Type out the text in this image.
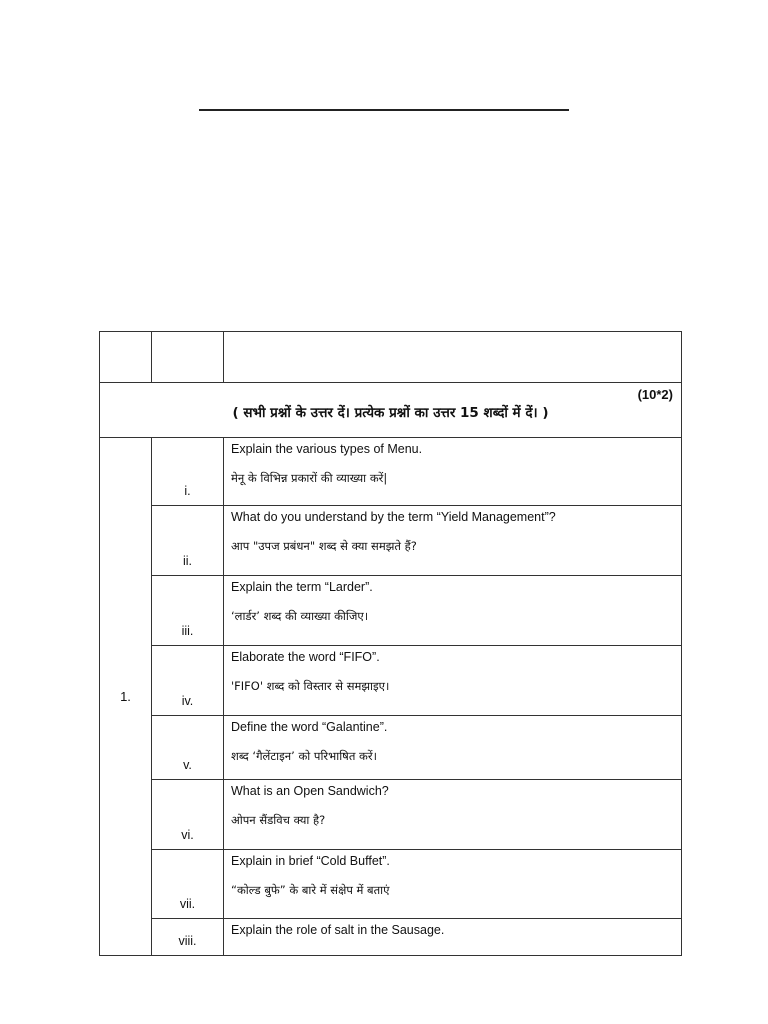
(10*2)
( सभी प्रश्नों के उत्तर दें। प्रत्येक प्रश्नों का उत्तर 15 शब्दों में दें। )		

1.	i.	Explain the various types of Menu.
मेनू के विभिन्न प्रकारों की व्याख्या करें|

	ii.	What do you understand by the term “Yield Management”?
आप "उपज प्रबंधन" शब्द से क्या समझते हैं?

	iii.	Explain the term “Larder”.
‘लार्डर’ शब्द की व्याख्या कीजिए।

	iv.	Elaborate the word “FIFO”.
'FIFO' शब्द को विस्तार से समझाइए।

	v.	Define the word “Galantine”.
शब्द ‘गैलेंटाइन’ को परिभाषित करें।

	vi.	What is an Open Sandwich?
ओपन सैंडविच क्या है?

	vii.	Explain in brief “Cold Buffet”.
“कोल्ड बुफे” के बारे में संक्षेप में बताएं

	viii.	Explain the role of salt in the Sausage.
